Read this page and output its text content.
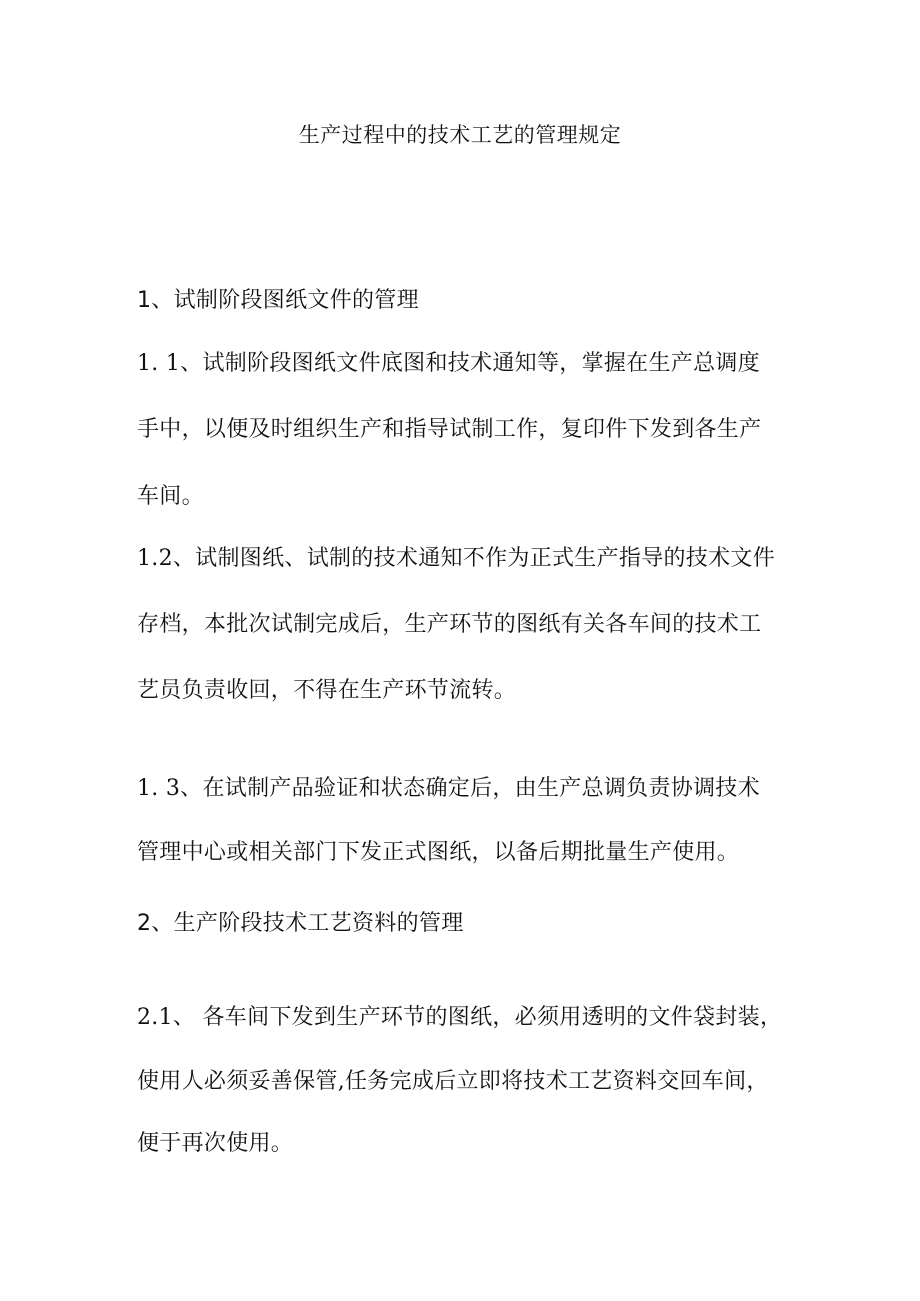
生产过程中的技术工艺的管理规定
1、试制阶段图纸文件的管理
1. 1、试制阶段图纸文件底图和技术通知等，掌握在生产总调度
手中，以便及时组织生产和指导试制工作，复印件下发到各生产
车间。
1.2、试制图纸、试制的技术通知不作为正式生产指导的技术文件
存档，本批次试制完成后，生产环节的图纸有关各车间的技术工
艺员负责收回，不得在生产环节流转。
1. 3、在试制产品验证和状态确定后，由生产总调负责协调技术
管理中心或相关部门下发正式图纸，以备后期批量生产使用。
2、生产阶段技术工艺资料的管理
2.1、 各车间下发到生产环节的图纸，必须用透明的文件袋封装，
使用人必须妥善保管,任务完成后立即将技术工艺资料交回车间，
便于再次使用。
